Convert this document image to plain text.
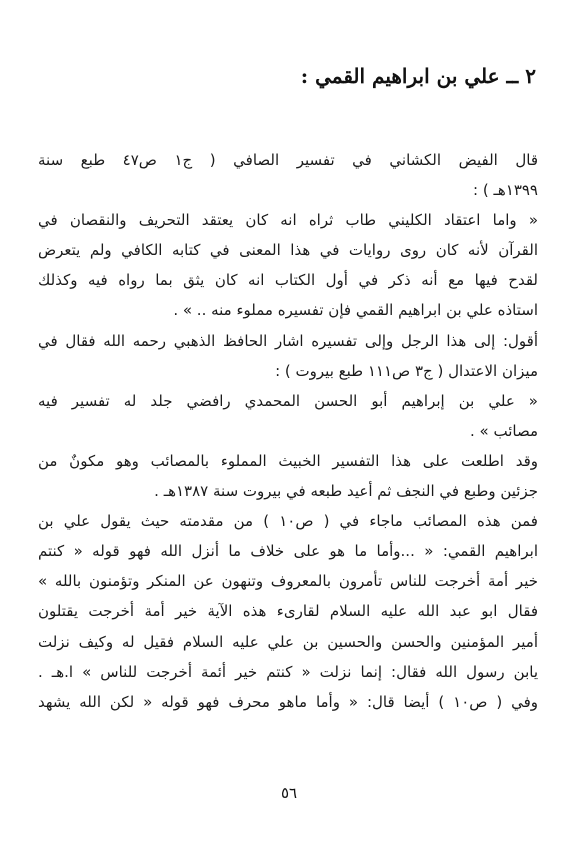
٢ ــ علي بن ابراهيم القمي :
قال الفيض الكشاني في تفسير الصافي ( ج١ ص٤٧ طبع سنة
١٣٩٩هـ ) :
« واما اعتقاد الكليني طاب ثراه انه كان يعتقد التحريف والنقصان في
القرآن لأنه كان روى روايات في هذا المعنى في كتابه الكافي ولم يتعرض
لقدح فيها مع أنه ذكر في أول الكتاب انه كان يثق بما رواه فيه وكذلك
استاذه علي بن ابراهيم القمي فإن تفسيره مملوء منه .. » .
أقول: إلى هذا الرجل وإلى تفسيره اشار الحافظ الذهبي رحمه الله فقال في
ميزان الاعتدال ( ج٣ ص١١١ طبع بيروت ) :
« علي بن إبراهيم أبو الحسن المحمدي رافضي جلد له تفسير فيه
مصائب » .
وقد اطلعت على هذا التفسير الخبيث المملوء بالمصائب وهو مكونٌ من
جزئين وطبع في النجف ثم أعيد طبعه في بيروت سنة ١٣٨٧هـ .
فمن هذه المصائب ماجاء في ( ص١٠ ) من مقدمته حيث يقول علي بن
ابراهيم القمي: « ...وأما ما هو على خلاف ما أنزل الله فهو قوله « كنتم
خير أمة أخرجت للناس تأمرون بالمعروف وتنهون عن المنكر وتؤمنون بالله »
فقال ابو عبد الله عليه السلام لقارىء هذه الآية خير أمة أخرجت يقتلون
أمير المؤمنين والحسن والحسين بن علي عليه السلام فقيل له وكيف نزلت
يابن رسول الله فقال: إنما نزلت « كنتم خير أئمة أخرجت للناس » ا.هـ .
وفي ( ص١٠ ) أيضا قال: « وأما ماهو محرف فهو قوله « لكن الله يشهد
٥٦
